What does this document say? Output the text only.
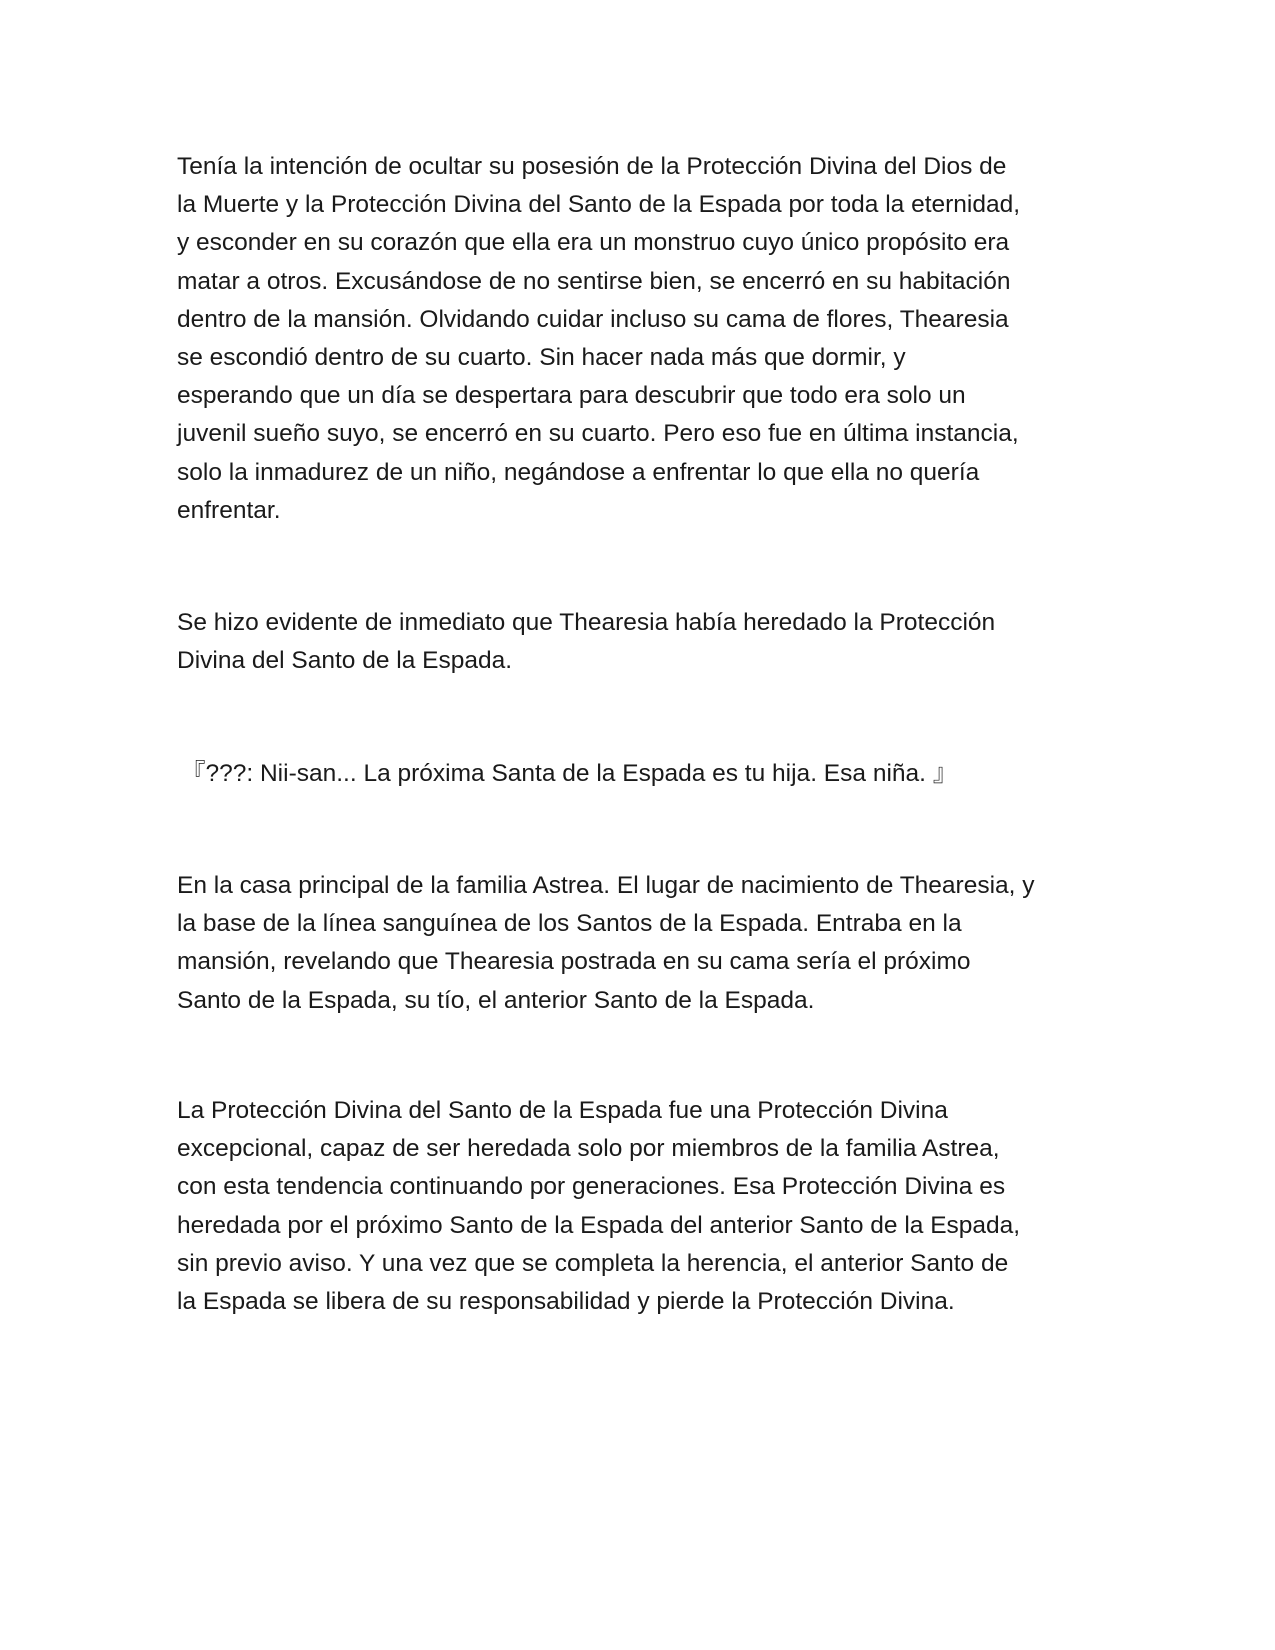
Tenía la intención de ocultar su posesión de la Protección Divina del Dios de
la Muerte y la Protección Divina del Santo de la Espada por toda la eternidad,
y esconder en su corazón que ella era un monstruo cuyo único propósito era
matar a otros. Excusándose de no sentirse bien, se encerró en su habitación
dentro de la mansión. Olvidando cuidar incluso su cama de flores, Thearesia
se escondió dentro de su cuarto. Sin hacer nada más que dormir, y
esperando que un día se despertara para descubrir que todo era solo un
juvenil sueño suyo, se encerró en su cuarto. Pero eso fue en última instancia,
solo la inmadurez de un niño, negándose a enfrentar lo que ella no quería
enfrentar.
Se hizo evidente de inmediato que Thearesia había heredado la Protección
Divina del Santo de la Espada.
『???: Nii-san... La próxima Santa de la Espada es tu hija. Esa niña. 』
En la casa principal de la familia Astrea. El lugar de nacimiento de Thearesia, y
la base de la línea sanguínea de los Santos de la Espada. Entraba en la
mansión, revelando que Thearesia postrada en su cama sería el próximo
Santo de la Espada, su tío, el anterior Santo de la Espada.
La Protección Divina del Santo de la Espada fue una Protección Divina
excepcional, capaz de ser heredada solo por miembros de la familia Astrea,
con esta tendencia continuando por generaciones. Esa Protección Divina es
heredada por el próximo Santo de la Espada del anterior Santo de la Espada,
sin previo aviso. Y una vez que se completa la herencia, el anterior Santo de
la Espada se libera de su responsabilidad y pierde la Protección Divina.
